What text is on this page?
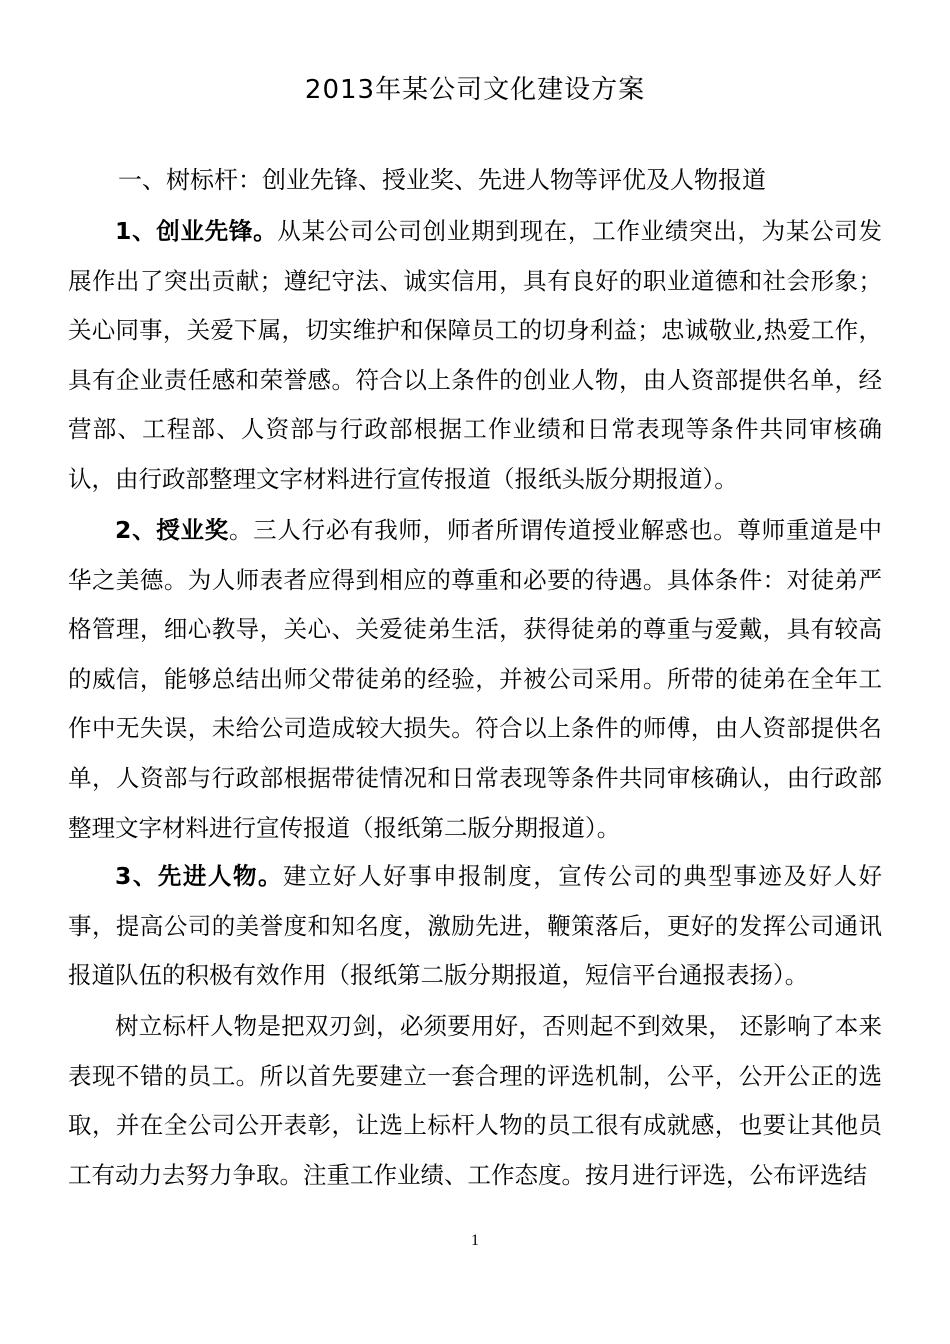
2013年某公司文化建设方案
一、树标杆：创业先锋、授业奖、先进人物等评优及人物报道

1、创业先锋。从某公司公司创业期到现在，工作业绩突出，为某公司发展作出了突出贡献；遵纪守法、诚实信用，具有良好的职业道德和社会形象；关心同事，关爱下属，切实维护和保障员工的切身利益；忠诚敬业,热爱工作，具有企业责任感和荣誉感。符合以上条件的创业人物，由人资部提供名单，经营部、工程部、人资部与行政部根据工作业绩和日常表现等条件共同审核确认，由行政部整理文字材料进行宣传报道（报纸头版分期报道）。

2、授业奖。三人行必有我师，师者所谓传道授业解惑也。尊师重道是中华之美德。为人师表者应得到相应的尊重和必要的待遇。具体条件：对徒弟严格管理，细心教导，关心、关爱徒弟生活，获得徒弟的尊重与爱戴，具有较高的威信，能够总结出师父带徒弟的经验，并被公司采用。所带的徒弟在全年工作中无失误，未给公司造成较大损失。符合以上条件的师傅，由人资部提供名单，人资部与行政部根据带徒情况和日常表现等条件共同审核确认，由行政部整理文字材料进行宣传报道（报纸第二版分期报道）。

3、先进人物。建立好人好事申报制度，宣传公司的典型事迹及好人好事，提高公司的美誉度和知名度，激励先进，鞭策落后，更好的发挥公司通讯报道队伍的积极有效作用（报纸第二版分期报道，短信平台通报表扬）。

树立标杆人物是把双刃剑，必须要用好，否则起不到效果， 还影响了本来表现不错的员工。所以首先要建立一套合理的评选机制，公平，公开公正的选取，并在全公司公开表彰，让选上标杆人物的员工很有成就感，也要让其他员工有动力去努力争取。注重工作业绩、工作态度。按月进行评选，公布评选结

1
